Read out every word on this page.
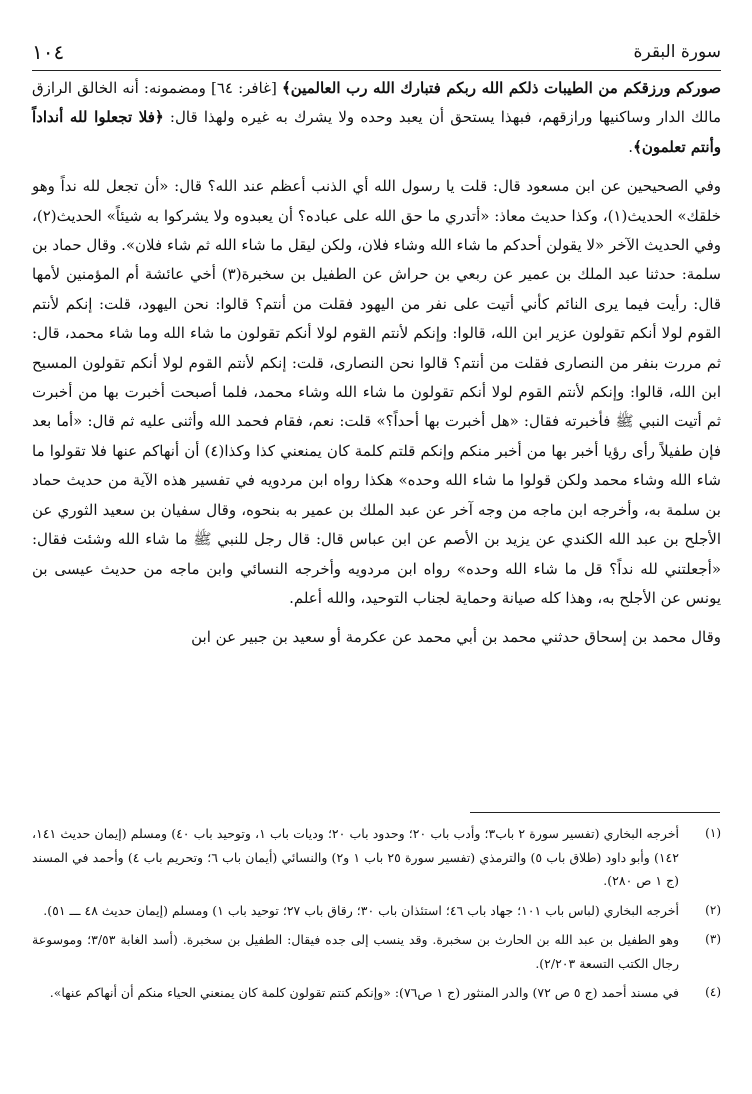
١٠٤	سورة البقرة

صوركم ورزقكم من الطيبات ذلكم الله ربكم فتبارك الله رب العالمين﴾ [غافر: ٦٤] ومضمونه: أنه الخالق الرازق مالك الدار وساكنيها ورازقهم، فبهذا يستحق أن يعبد وحده ولا يشرك به غيره ولهذا قال: ﴿فلا تجعلوا لله أنداداً وأنتم تعلمون﴾.

وفي الصحيحين عن ابن مسعود قال: قلت يا رسول الله أي الذنب أعظم عند الله؟ قال: «أن تجعل لله نداً وهو خلقك» الحديث(١)، وكذا حديث معاذ: «أتدري ما حق الله على عباده؟ أن يعبدوه ولا يشركوا به شيئاً» الحديث(٢)، وفي الحديث الآخر «لا يقولن أحدكم ما شاء الله وشاء فلان، ولكن ليقل ما شاء الله ثم شاء فلان». وقال حماد بن سلمة: حدثنا عبد الملك بن عمير عن ربعي بن حراش عن الطفيل بن سخبرة(٣) أخي عائشة أم المؤمنين لأمها قال: رأيت فيما يرى النائم كأني أتيت على نفر من اليهود فقلت من أنتم؟ قالوا: نحن اليهود، قلت: إنكم لأنتم القوم لولا أنكم تقولون عزير ابن الله، قالوا: وإنكم لأنتم القوم لولا أنكم تقولون ما شاء الله وما شاء محمد، قال: ثم مررت بنفر من النصارى فقلت من أنتم؟ قالوا نحن النصارى، قلت: إنكم لأنتم القوم لولا أنكم تقولون المسيح ابن الله، قالوا: وإنكم لأنتم القوم لولا أنكم تقولون ما شاء الله وشاء محمد، فلما أصبحت أخبرت بها من أخبرت ثم أتيت النبي ﷺ فأخبرته فقال: «هل أخبرت بها أحداً؟» قلت: نعم، فقام فحمد الله وأثنى عليه ثم قال: «أما بعد فإن طفيلاً رأى رؤيا أخبر بها من أخبر منكم وإنكم قلتم كلمة كان يمنعني كذا وكذا(٤) أن أنهاكم عنها فلا تقولوا ما شاء الله وشاء محمد ولكن قولوا ما شاء الله وحده» هكذا رواه ابن مردويه في تفسير هذه الآية من حديث حماد بن سلمة به، وأخرجه ابن ماجه من وجه آخر عن عبد الملك بن عمير به بنحوه، وقال سفيان بن سعيد الثوري عن الأجلح بن عبد الله الكندي عن يزيد بن الأصم عن ابن عباس قال: قال رجل للنبي ﷺ ما شاء الله وشئت فقال: «أجعلتني لله نداً؟ قل ما شاء الله وحده» رواه ابن مردويه وأخرجه النسائي وابن ماجه من حديث عيسى بن يونس عن الأجلح به، وهذا كله صيانة وحماية لجناب التوحيد، والله أعلم.

وقال محمد بن إسحاق حدثني محمد بن أبي محمد عن عكرمة أو سعيد بن جبير عن ابن

(١)
أخرجه البخاري (تفسير سورة ٢ باب٣؛ وأدب باب ٢٠؛ وحدود باب ٢٠؛ وديات باب ١، وتوحيد باب ٤٠) ومسلم (إيمان حديث ١٤١، ١٤٢) وأبو داود (طلاق باب ٥) والترمذي (تفسير سورة ٢٥ باب ١ و٢) والنسائي (أيمان باب ٦؛ وتحريم باب ٤) وأحمد في المسند (ج ١ ص ٢٨٠).
(٢)
أخرجه البخاري (لباس باب ١٠١؛ جهاد باب ٤٦؛ استئذان باب ٣٠؛ رقاق باب ٢٧؛ توحيد باب ١) ومسلم (إيمان حديث ٤٨ ـــ ٥١).
(٣)
وهو الطفيل بن عبد الله بن الحارث بن سخبرة. وقد ينسب إلى جده فيقال: الطفيل بن سخبرة. (أسد الغابة ٣/٥٣؛ وموسوعة رجال الكتب التسعة ٢/٢٠٣).
(٤)
في مسند أحمد (ج ٥ ص ٧٢) والدر المنثور (ج ١ ص٧٦): «وإنكم كنتم تقولون كلمة كان يمنعني الحياء منكم أن أنهاكم عنها».
